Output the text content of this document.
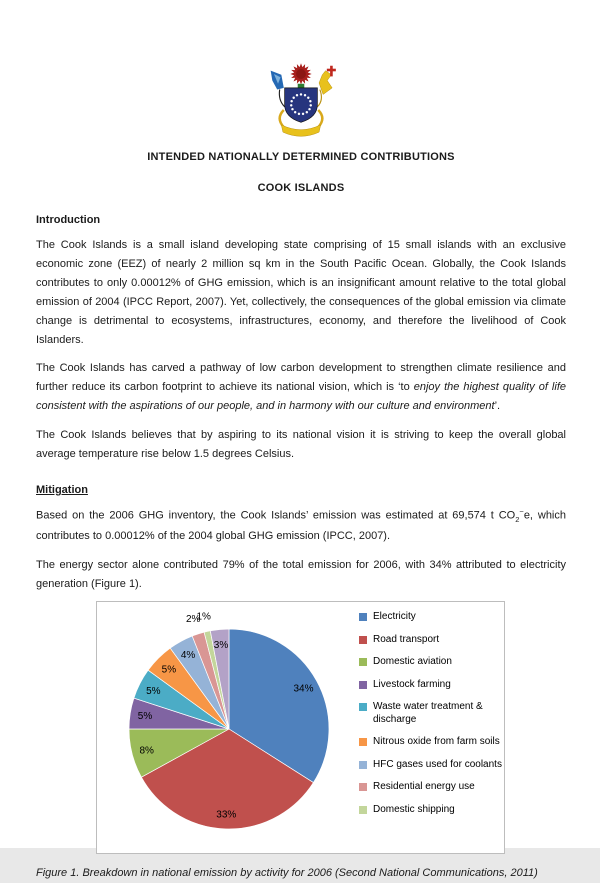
INTENDED NATIONALLY DETERMINED CONTRIBUTIONS
COOK ISLANDS
Introduction

The Cook Islands is a small island developing state comprising of 15 small islands with an exclusive economic zone (EEZ) of nearly 2 million sq km in the South Pacific Ocean. Globally, the Cook Islands contributes to only 0.00012% of GHG emission, which is an insignificant amount relative to the total global emission of 2004 (IPCC Report, 2007). Yet, collectively, the consequences of the global emission via climate change is detrimental to ecosystems, infrastructures, economy, and therefore the livelihood of Cook Islanders.

The Cook Islands has carved a pathway of low carbon development to strengthen climate resilience and further reduce its carbon footprint to achieve its national vision, which is ‘to enjoy the highest quality of life consistent with the aspirations of our people, and in harmony with our culture and environment’.

The Cook Islands believes that by aspiring to its national vision it is striving to keep the overall global average temperature rise below 1.5 degrees Celsius.

Mitigation

Based on the 2006 GHG inventory, the Cook Islands’ emission was estimated at 69,574 t $CO_2^-e$, which contributes to 0.00012% of the 2004 global GHG emission (IPCC, 2007).

The energy sector alone contributed 79% of the total emission for 2006, with 34% attributed to electricity generation (Figure 1).

34%
33%
8%
5%
5%
5%
4%
2%
1%
3%
Electricity
Road transport
Domestic aviation
Livestock farming
Waste water treatment & discharge
Nitrous oxide from farm soils
HFC gases used for coolants
Residential energy use
Domestic shipping

Figure 1. Breakdown in national emission by activity for 2006 (Second National Communications, 2011)
